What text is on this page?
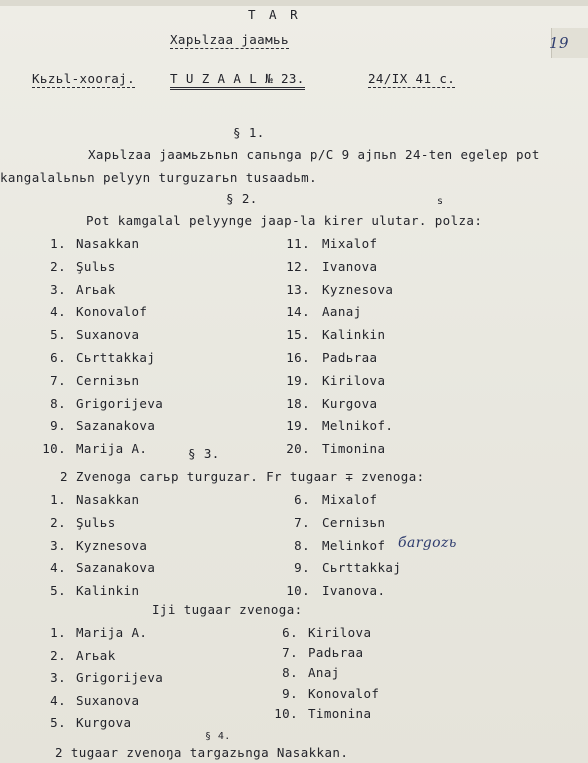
T A R
Харьlzaa jaамьь	19
Кьzьl-хооrаj.	T U Z A A L № 23.	24/IX 41 c.
§ 1.
Харьlzaa jaамьzьnьn caпьngа р/С 9 ajпьn 24-ten egelep pot
kаngalalьnьn pelyyn turguzаrьn tusaadьm.
§ 2.	s
Pot kamgalal pelyynge jaap-la kirer ulutar. polza:
1. Nasakkan
2. Şulьs
3. Arьak
4. Konovalof
5. Suxanova
6. Cьrttakkaj
7. Cerniзьn
8. Grigorijeva
9. Sazanakova
10. Marija A.
11. Mixalof
12. Ivanova
13. Kyznesova
14. Aanaj
15. Kalinkin
16. Padьraa
19. Kirilova
18. Kurgova
19. Melnikof.
20. Timonina
§ 3.
2 Zvenoga carьp turguzar. Fr tugaar ∓ zvenoga:
1. Nasakkan
2. Şulьs
3. Kyznesova
4. Sazanakova
5. Kalinkin
6. Mixalof
7. Cerniзьn
8. Melinkof
9. Cьrttakkaj
10. Ivanova.
баrgоzь
Iji tugaar zvenoga:
1. Marija A.
2. Arьak
3. Grigorijeva
4. Suxanova
5. Kurgova
6. Kirilova
7. Padьraa
8. Anaj
9. Konovalof
10. Timonina
§ 4.
2 tugaar zvenoŋa targazьnga Nasakkan.
